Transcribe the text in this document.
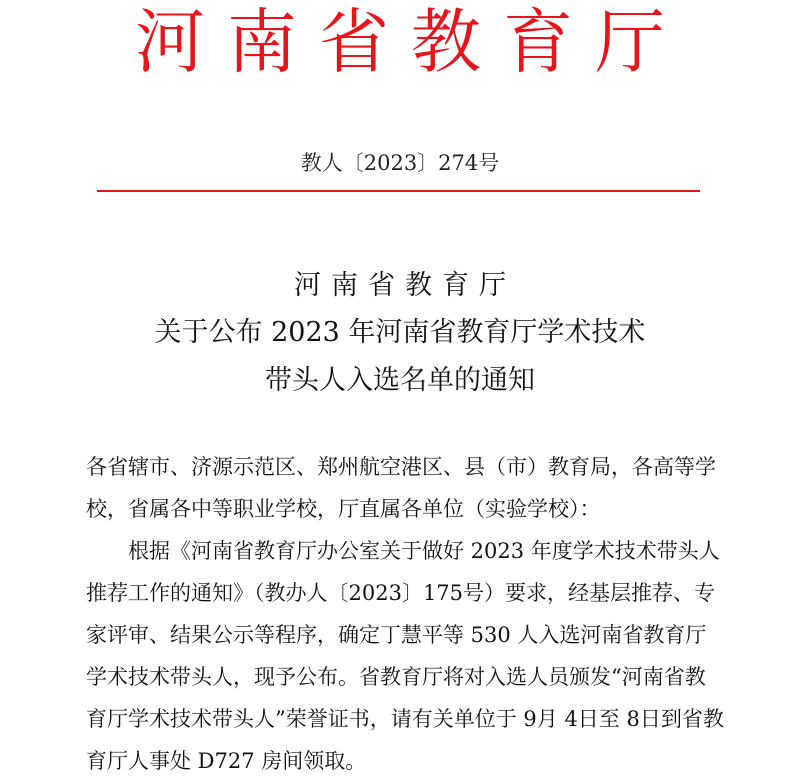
河南省教育厅
教人〔2023〕274号
河南省教育厅
关于公布 2023 年河南省教育厅学术技术
带头人入选名单的通知
各省辖市、济源示范区、郑州航空港区、县（市）教育局，各高等学校，省属各中等职业学校，厅直属各单位（实验学校）：

根据《河南省教育厅办公室关于做好 2023 年度学术技术带头人推荐工作的通知》（教办人〔2023〕175号）要求，经基层推荐、专家评审、结果公示等程序，确定丁慧平等 530 人入选河南省教育厅学术技术带头人，现予公布。省教育厅将对入选人员颁发“河南省教育厅学术技术带头人”荣誉证书，请有关单位于 9月 4日至 8日到省教育厅人事处 D727 房间领取。
